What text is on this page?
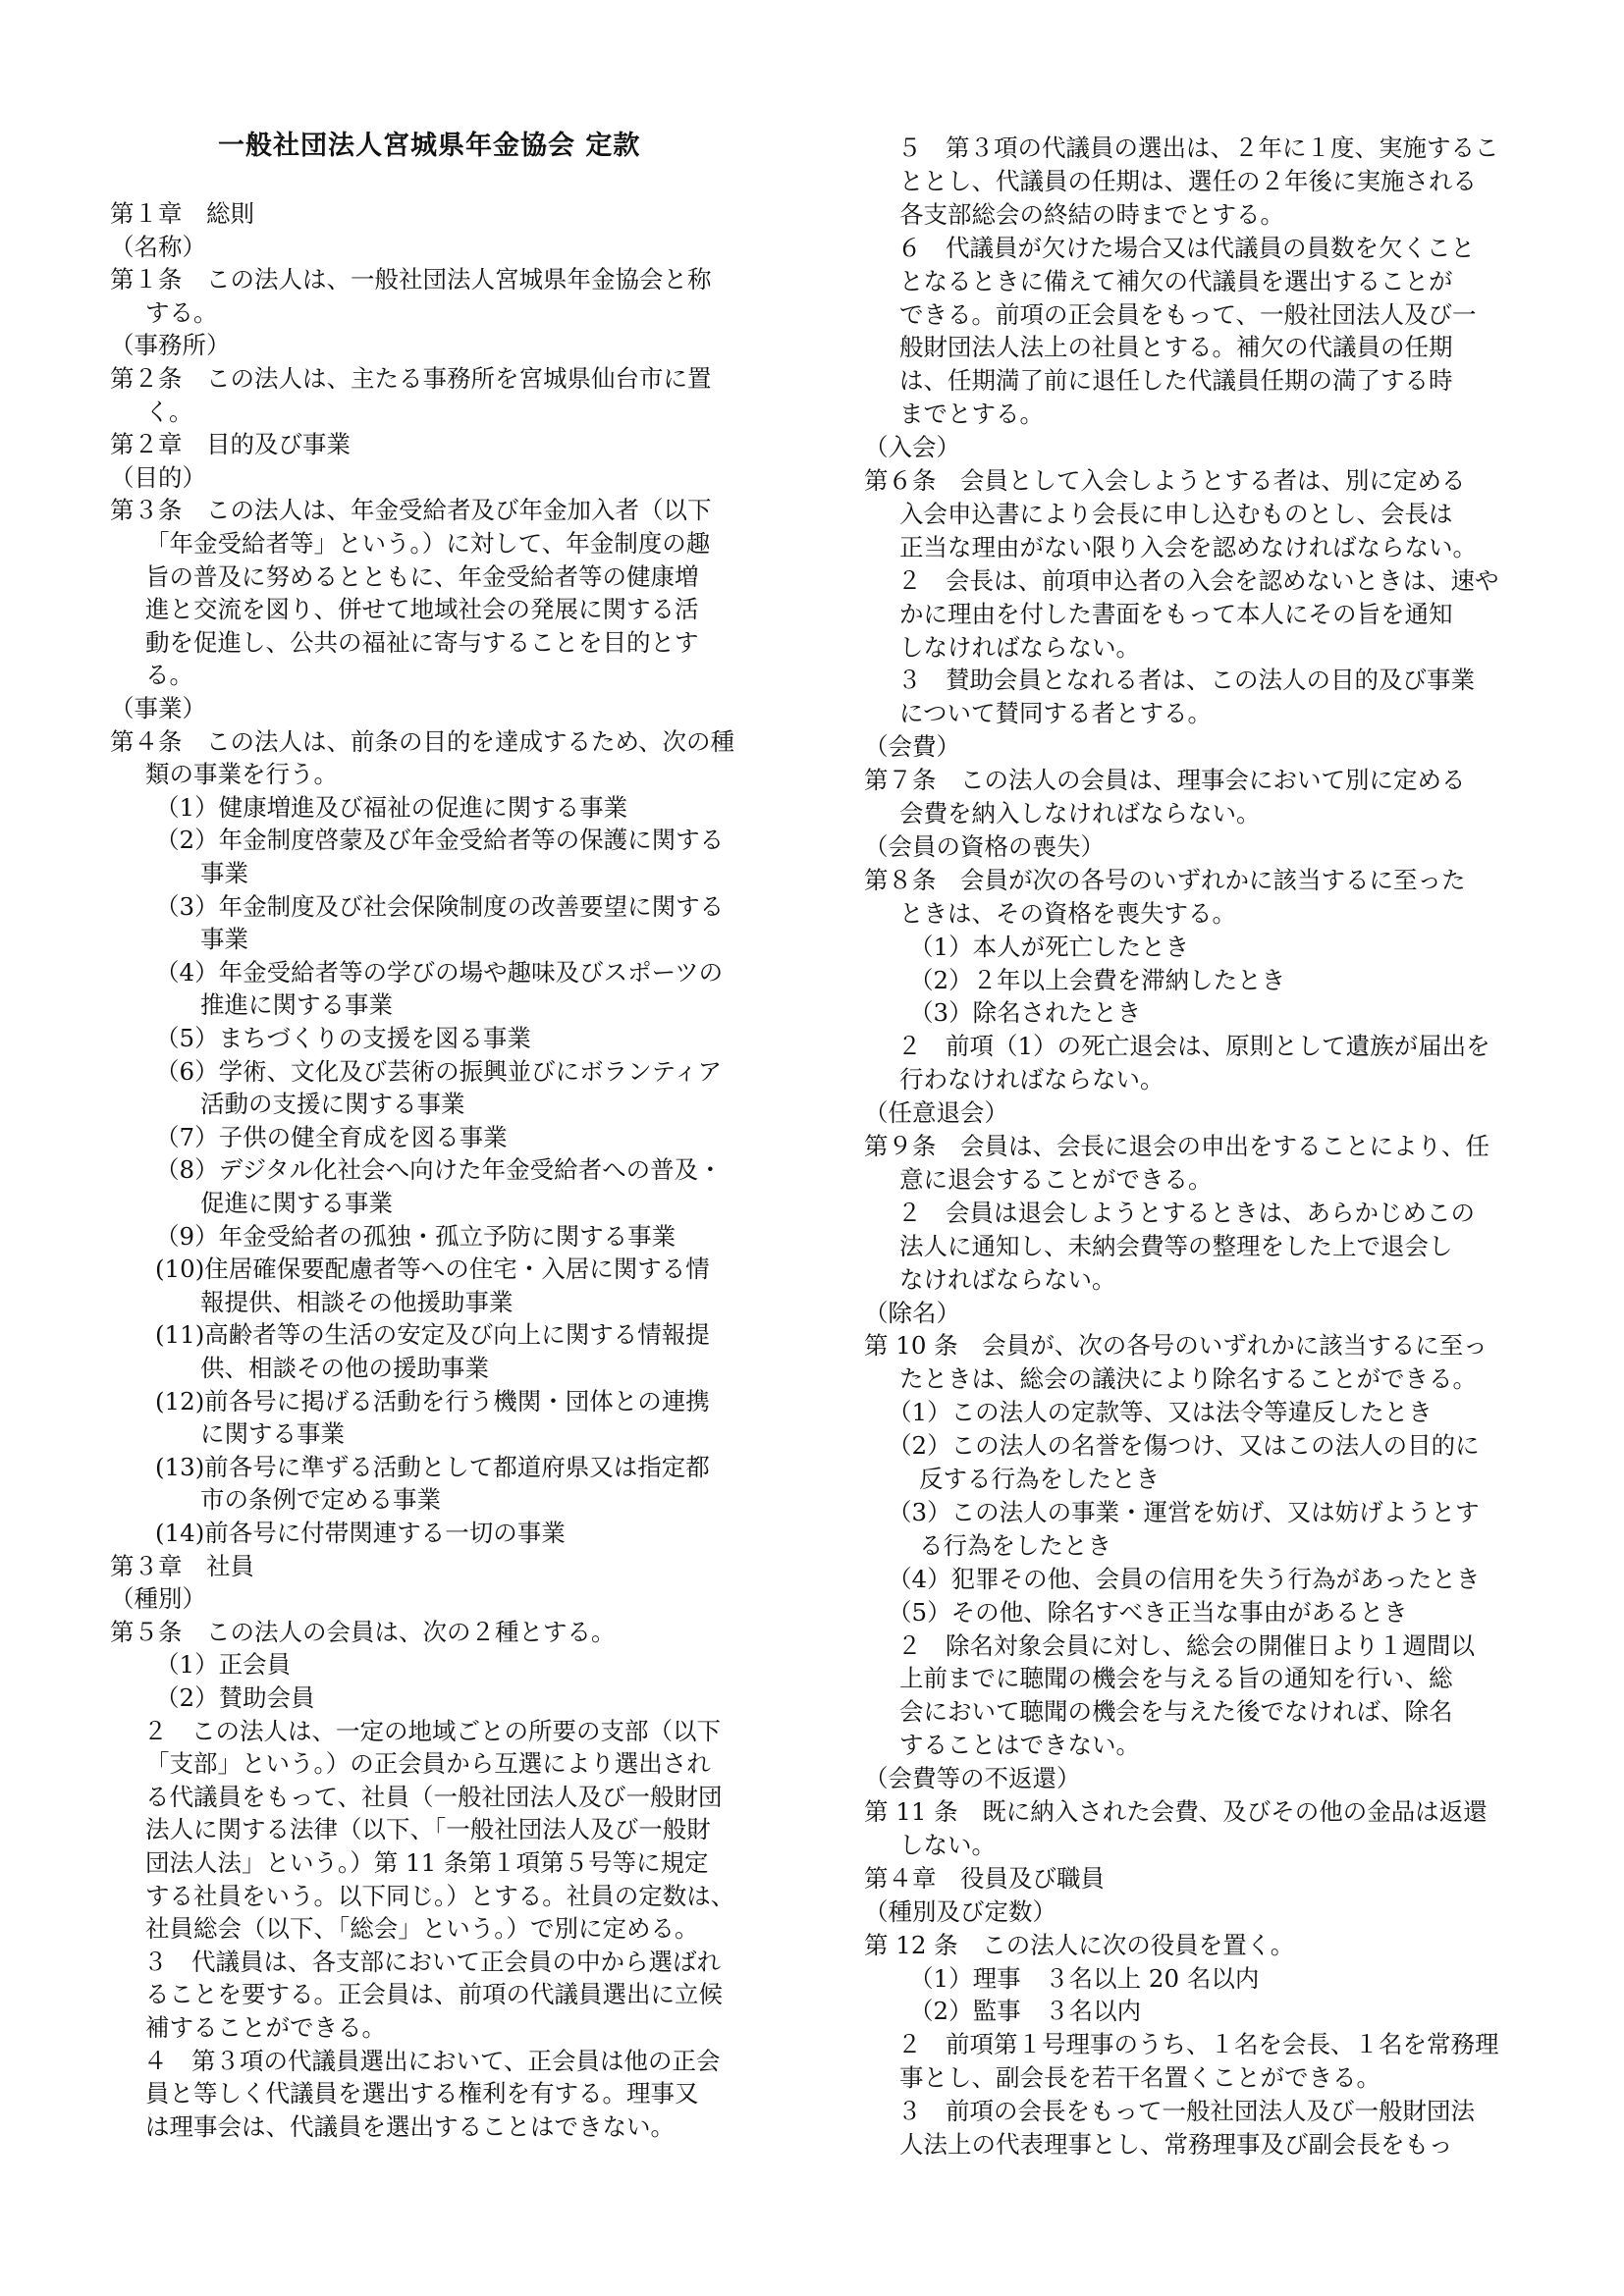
一般社団法人宮城県年金協会 定款
第１章　総則
（名称）
第１条　この法人は、一般社団法人宮城県年金協会と称
する。
（事務所）
第２条　この法人は、主たる事務所を宮城県仙台市に置
く。
第２章　目的及び事業
（目的）
第３条　この法人は、年金受給者及び年金加入者（以下
「年金受給者等」という。）に対して、年金制度の趣
旨の普及に努めるとともに、年金受給者等の健康増
進と交流を図り、併せて地域社会の発展に関する活
動を促進し、公共の福祉に寄与することを目的とす
る。
（事業）
第４条　この法人は、前条の目的を達成するため、次の種
類の事業を行う。
（1）健康増進及び福祉の促進に関する事業
（2）年金制度啓蒙及び年金受給者等の保護に関する
事業
（3）年金制度及び社会保険制度の改善要望に関する
事業
（4）年金受給者等の学びの場や趣味及びスポーツの
推進に関する事業
（5）まちづくりの支援を図る事業
（6）学術、文化及び芸術の振興並びにボランティア
活動の支援に関する事業
（7）子供の健全育成を図る事業
（8）デジタル化社会へ向けた年金受給者への普及・
促進に関する事業
（9）年金受給者の孤独・孤立予防に関する事業
(10)住居確保要配慮者等への住宅・入居に関する情
報提供、相談その他援助事業
(11)高齢者等の生活の安定及び向上に関する情報提
供、相談その他の援助事業
(12)前各号に掲げる活動を行う機関・団体との連携
に関する事業
(13)前各号に準ずる活動として都道府県又は指定都
市の条例で定める事業
(14)前各号に付帯関連する一切の事業
第３章　社員
（種別）
第５条　この法人の会員は、次の２種とする。
（1）正会員
（2）賛助会員
２　この法人は、一定の地域ごとの所要の支部（以下
「支部」という。）の正会員から互選により選出され
る代議員をもって、社員（一般社団法人及び一般財団
法人に関する法律（以下、「一般社団法人及び一般財
団法人法」という。）第 11 条第１項第５号等に規定
する社員をいう。以下同じ。）とする。社員の定数は、
社員総会（以下、「総会」という。）で別に定める。
３　代議員は、各支部において正会員の中から選ばれ
ることを要する。正会員は、前項の代議員選出に立候
補することができる。
４　第３項の代議員選出において、正会員は他の正会
員と等しく代議員を選出する権利を有する。理事又
は理事会は、代議員を選出することはできない。
５　第３項の代議員の選出は、２年に１度、実施するこ
ととし、代議員の任期は、選任の２年後に実施される
各支部総会の終結の時までとする。
６　代議員が欠けた場合又は代議員の員数を欠くこと
となるときに備えて補欠の代議員を選出することが
できる。前項の正会員をもって、一般社団法人及び一
般財団法人法上の社員とする。補欠の代議員の任期
は、任期満了前に退任した代議員任期の満了する時
までとする。
（入会）
第６条　会員として入会しようとする者は、別に定める
入会申込書により会長に申し込むものとし、会長は
正当な理由がない限り入会を認めなければならない。
２　会長は、前項申込者の入会を認めないときは、速や
かに理由を付した書面をもって本人にその旨を通知
しなければならない。
３　賛助会員となれる者は、この法人の目的及び事業
について賛同する者とする。
（会費）
第７条　この法人の会員は、理事会において別に定める
会費を納入しなければならない。
（会員の資格の喪失）
第８条　会員が次の各号のいずれかに該当するに至った
ときは、その資格を喪失する。
（1）本人が死亡したとき
（2）２年以上会費を滞納したとき
（3）除名されたとき
２　前項（1）の死亡退会は、原則として遺族が届出を
行わなければならない。
（任意退会）
第９条　会員は、会長に退会の申出をすることにより、任
意に退会することができる。
２　会員は退会しようとするときは、あらかじめこの
法人に通知し、未納会費等の整理をした上で退会し
なければならない。
（除名）
第 10 条　会員が、次の各号のいずれかに該当するに至っ
たときは、総会の議決により除名することができる。
（1）この法人の定款等、又は法令等違反したとき
（2）この法人の名誉を傷つけ、又はこの法人の目的に
反する行為をしたとき
（3）この法人の事業・運営を妨げ、又は妨げようとす
る行為をしたとき
（4）犯罪その他、会員の信用を失う行為があったとき
（5）その他、除名すべき正当な事由があるとき
２　除名対象会員に対し、総会の開催日より１週間以
上前までに聴聞の機会を与える旨の通知を行い、総
会において聴聞の機会を与えた後でなければ、除名
することはできない。
（会費等の不返還）
第 11 条　既に納入された会費、及びその他の金品は返還
しない。
第４章　役員及び職員
（種別及び定数）
第 12 条　この法人に次の役員を置く。
（1）理事　３名以上 20 名以内
（2）監事　３名以内
２　前項第１号理事のうち、１名を会長、１名を常務理
事とし、副会長を若干名置くことができる。
３　前項の会長をもって一般社団法人及び一般財団法
人法上の代表理事とし、常務理事及び副会長をもっ
